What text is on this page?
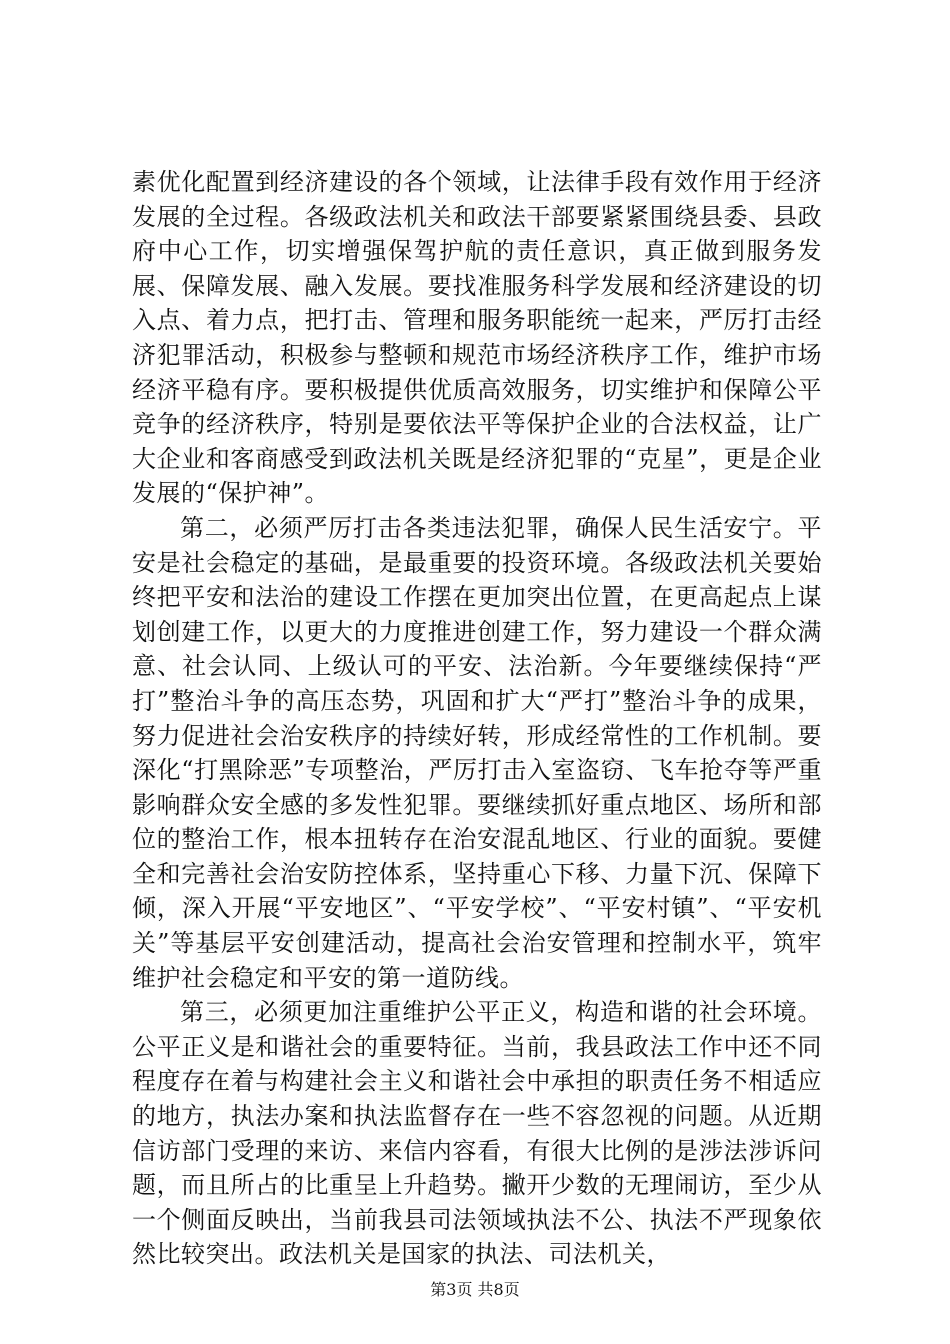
素优化配置到经济建设的各个领域，让法律手段有效作用于经济发展的全过程。各级政法机关和政法干部要紧紧围绕县委、县政府中心工作，切实增强保驾护航的责任意识，真正做到服务发展、保障发展、融入发展。要找准服务科学发展和经济建设的切入点、着力点，把打击、管理和服务职能统一起来，严厉打击经济犯罪活动，积极参与整顿和规范市场经济秩序工作，维护市场经济平稳有序。要积极提供优质高效服务，切实维护和保障公平竞争的经济秩序，特别是要依法平等保护企业的合法权益，让广大企业和客商感受到政法机关既是经济犯罪的“克星”，更是企业发展的“保护神”。

第二，必须严厉打击各类违法犯罪，确保人民生活安宁。平安是社会稳定的基础，是最重要的投资环境。各级政法机关要始终把平安和法治的建设工作摆在更加突出位置，在更高起点上谋划创建工作，以更大的力度推进创建工作，努力建设一个群众满意、社会认同、上级认可的平安、法治新。今年要继续保持“严打”整治斗争的高压态势，巩固和扩大“严打”整治斗争的成果，努力促进社会治安秩序的持续好转，形成经常性的工作机制。要深化“打黑除恶”专项整治，严厉打击入室盗窃、飞车抢夺等严重影响群众安全感的多发性犯罪。要继续抓好重点地区、场所和部位的整治工作，根本扭转存在治安混乱地区、行业的面貌。要健全和完善社会治安防控体系，坚持重心下移、力量下沉、保障下倾，深入开展“平安地区”、“平安学校”、“平安村镇”、“平安机关”等基层平安创建活动，提高社会治安管理和控制水平，筑牢维护社会稳定和平安的第一道防线。

第三，必须更加注重维护公平正义，构造和谐的社会环境。公平正义是和谐社会的重要特征。当前，我县政法工作中还不同程度存在着与构建社会主义和谐社会中承担的职责任务不相适应的地方，执法办案和执法监督存在一些不容忽视的问题。从近期信访部门受理的来访、来信内容看，有很大比例的是涉法涉诉问题，而且所占的比重呈上升趋势。撇开少数的无理闹访，至少从一个侧面反映出，当前我县司法领域执法不公、执法不严现象依然比较突出。政法机关是国家的执法、司法机关，

第3页 共8页
